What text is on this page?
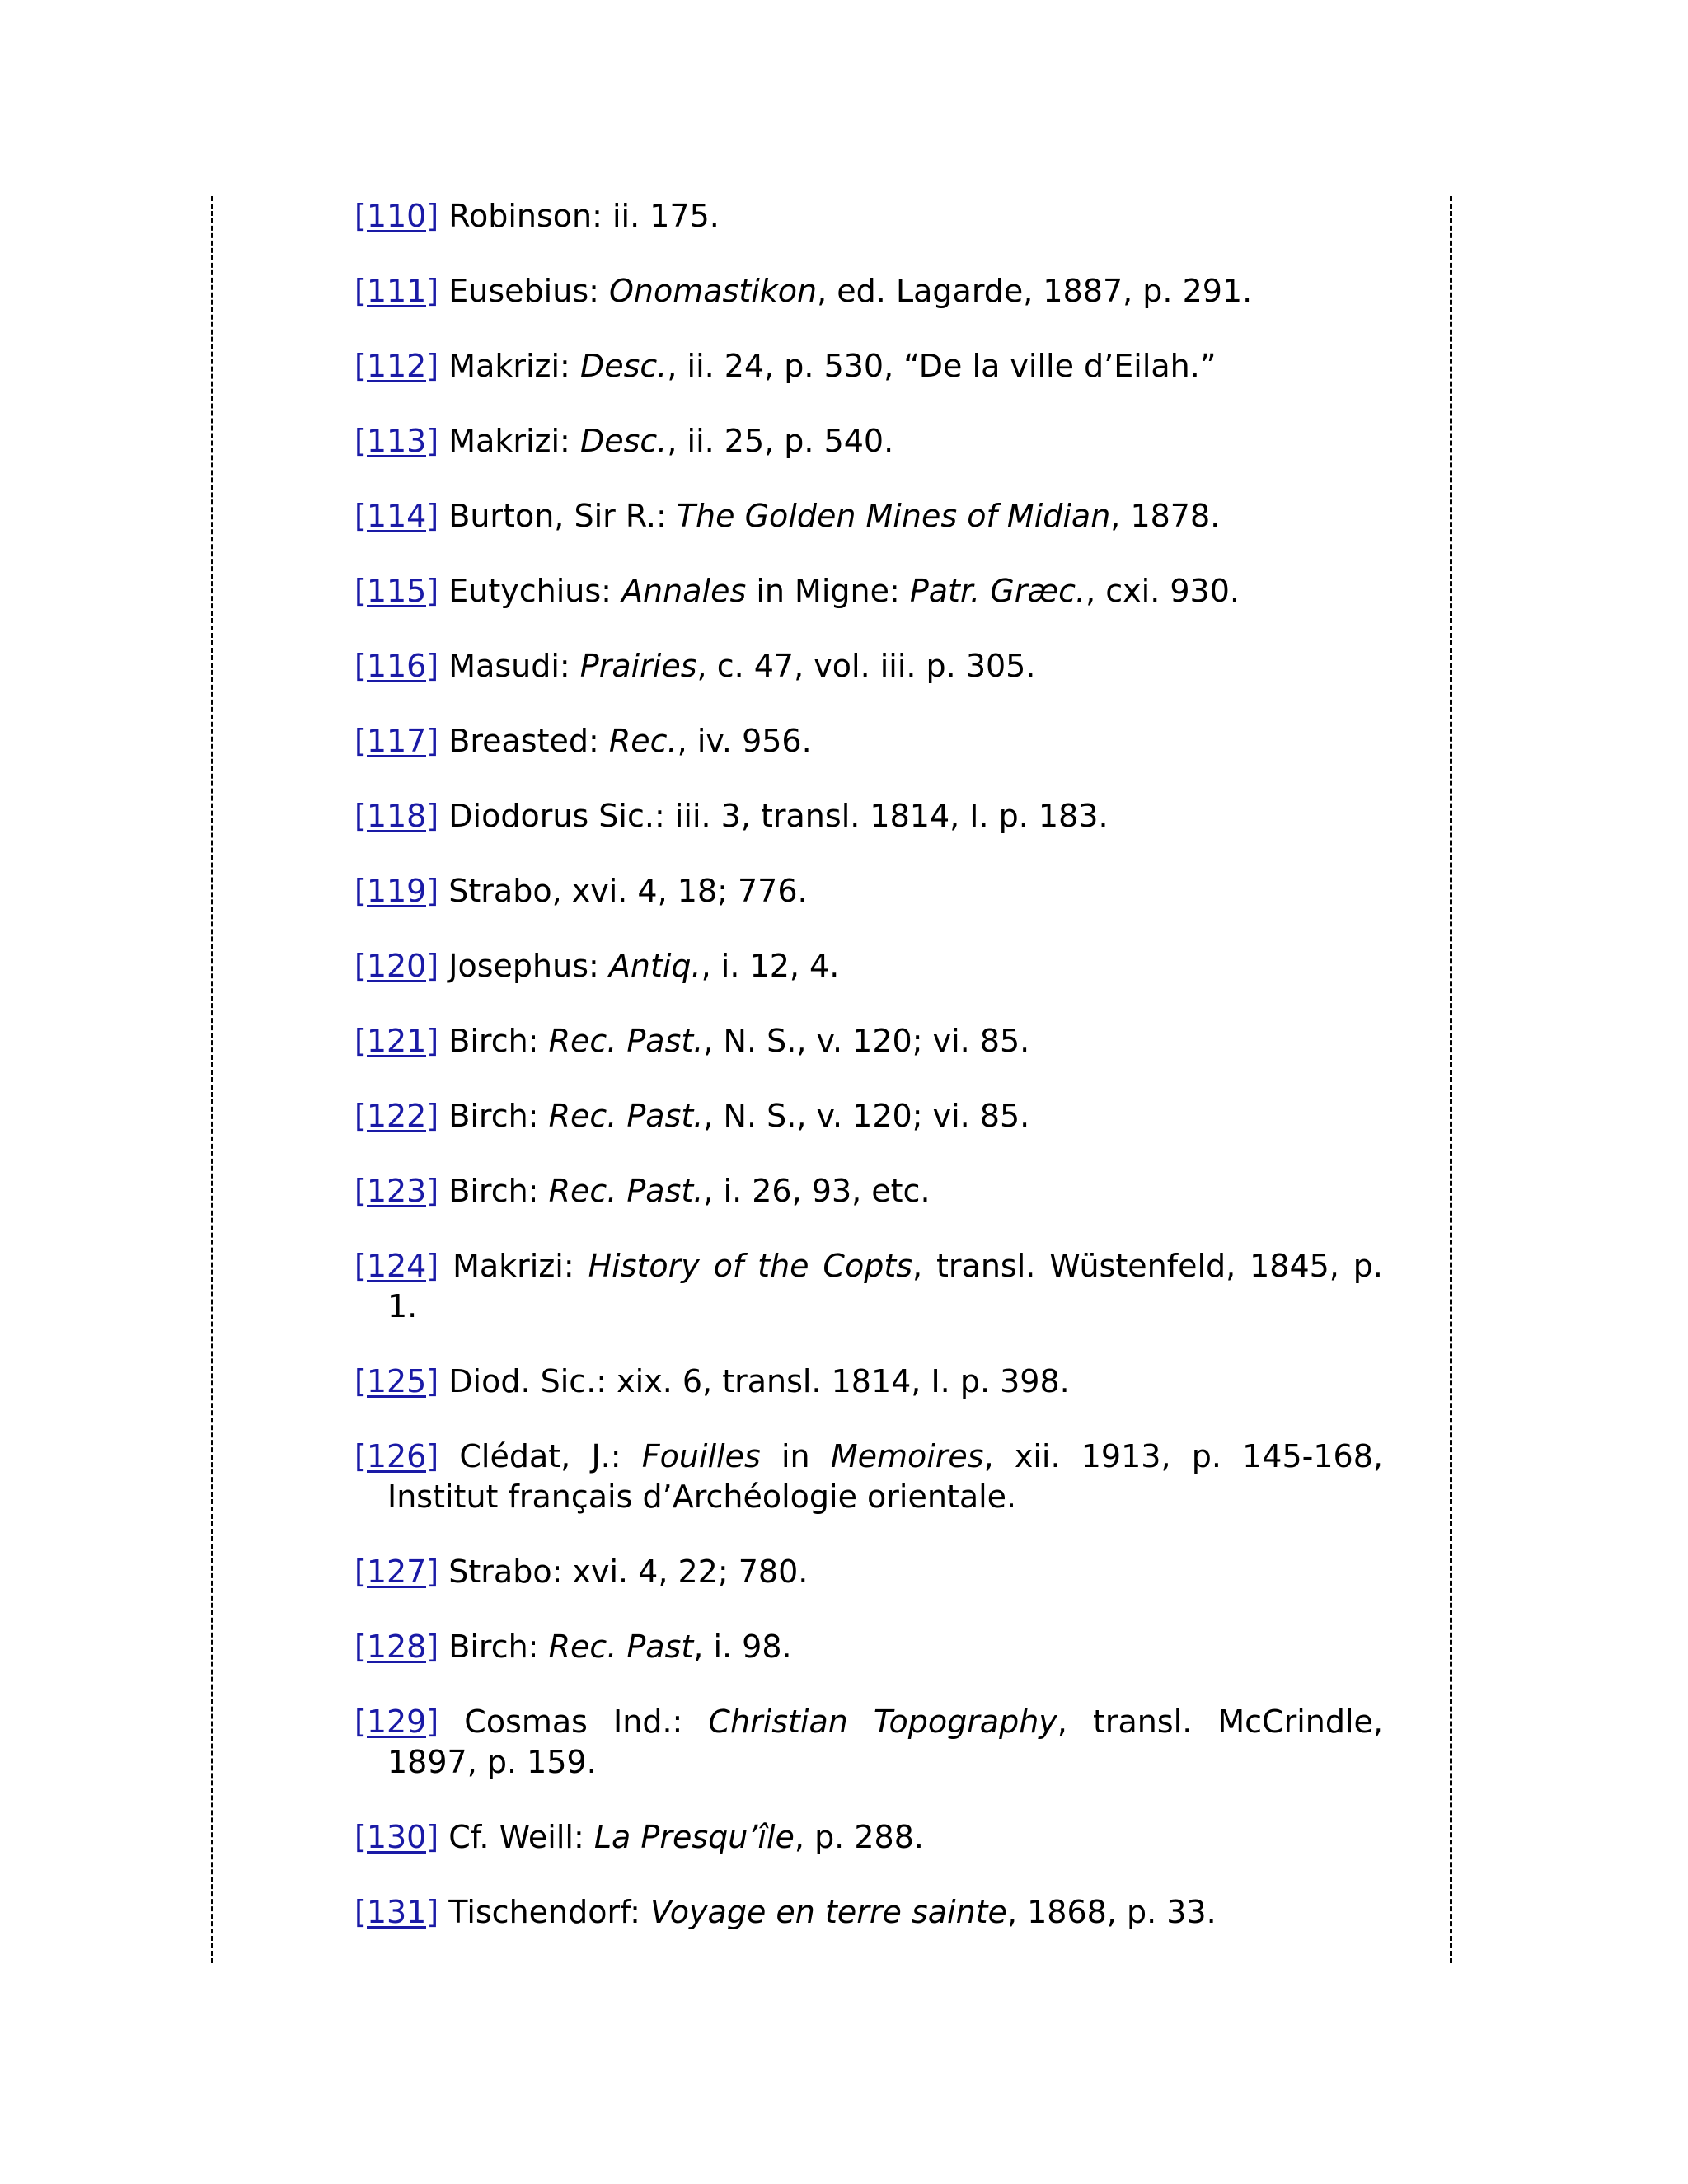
[110] Robinson: ii. 175.

[111] Eusebius: Onomastikon, ed. Lagarde, 1887, p. 291.

[112] Makrizi: Desc., ii. 24, p. 530, “De la ville d’Eilah.”

[113] Makrizi: Desc., ii. 25, p. 540.

[114] Burton, Sir R.: The Golden Mines of Midian, 1878.

[115] Eutychius: Annales in Migne: Patr. Græc., cxi. 930.

[116] Masudi: Prairies, c. 47, vol. iii. p. 305.

[117] Breasted: Rec., iv. 956.

[118] Diodorus Sic.: iii. 3, transl. 1814, I. p. 183.

[119] Strabo, xvi. 4, 18; 776.

[120] Josephus: Antiq., i. 12, 4.

[121] Birch: Rec. Past., N. S., v. 120; vi. 85.

[122] Birch: Rec. Past., N. S., v. 120; vi. 85.

[123] Birch: Rec. Past., i. 26, 93, etc.

[124] Makrizi: History of the Copts, transl. Wüstenfeld, 1845, p. 1.

[125] Diod. Sic.: xix. 6, transl. 1814, I. p. 398.

[126] Clédat, J.: Fouilles in Memoires, xii. 1913, p. 145-168, Institut français d’Archéologie orientale.

[127] Strabo: xvi. 4, 22; 780.

[128] Birch: Rec. Past, i. 98.

[129] Cosmas Ind.: Christian Topography, transl. McCrindle, 1897, p. 159.

[130] Cf. Weill: La Presqu’île, p. 288.

[131] Tischendorf: Voyage en terre sainte, 1868, p. 33.
